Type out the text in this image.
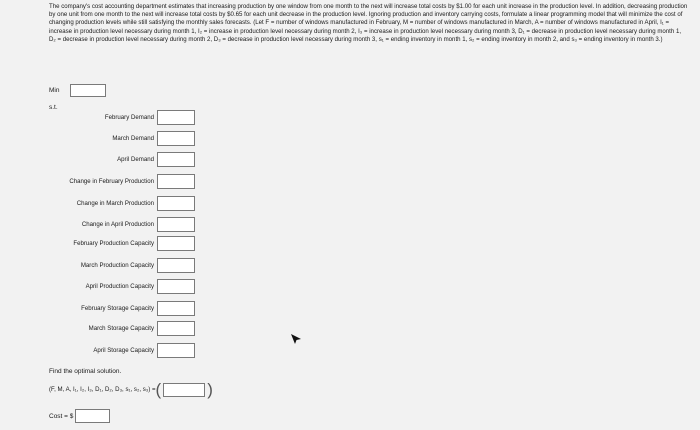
The company's cost accounting department estimates that increasing production by one window from one month to the next will increase total costs by $1.00 for each unit increase in the production level. In addition, decreasing production by one unit from one month to the next will increase total costs by $0.65 for each unit decrease in the production level. Ignoring production and inventory carrying costs, formulate a linear programming model that will minimize the cost of changing production levels while still satisfying the monthly sales forecasts. (Let F = number of windows manufactured in February, M = number of windows manufactured in March, A = number of windows manufactured in April, I₁ = increase in production level necessary during month 1, I₂ = increase in production level necessary during month 2, I₃ = increase in production level necessary during month 3, D₁ = decrease in production level necessary during month 1, D₂ = decrease in production level necessary during month 2, D₃ = decrease in production level necessary during month 3, s₁ = ending inventory in month 1, s₂ = ending inventory in month 2, and s₃ = ending inventory in month 3.)
Min
s.t.
February Demand
March Demand
April Demand
Change in February Production
Change in March Production
Change in April Production
February Production Capacity
March Production Capacity
April Production Capacity
February Storage Capacity
March Storage Capacity
April Storage Capacity
Find the optimal solution.
(F, M, A, I₁, I₂, I₃, D₁, D₂, D₃, s₁, s₂, s₃) = (	)
Cost = $
